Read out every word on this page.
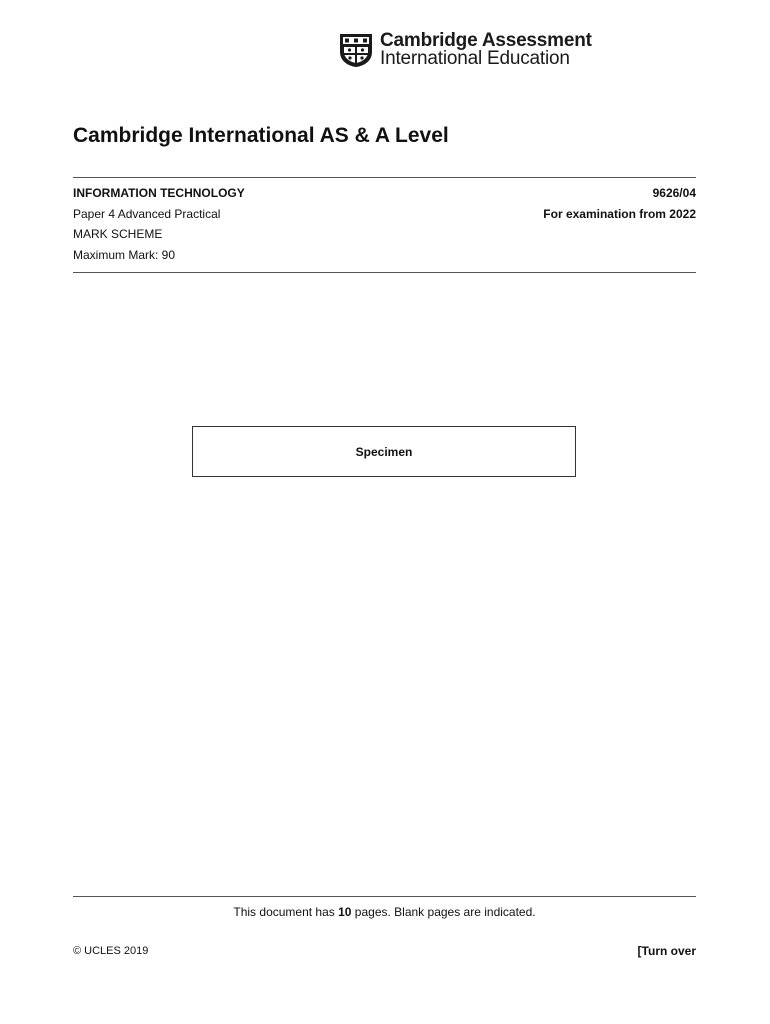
Cambridge Assessment
International Education
Cambridge International AS & A Level
INFORMATION TECHNOLOGY	9626/04
Paper 4 Advanced Practical	For examination from 2022
MARK SCHEME
Maximum Mark: 90
Specimen
This document has 10 pages. Blank pages are indicated.
© UCLES 2019	[Turn over
